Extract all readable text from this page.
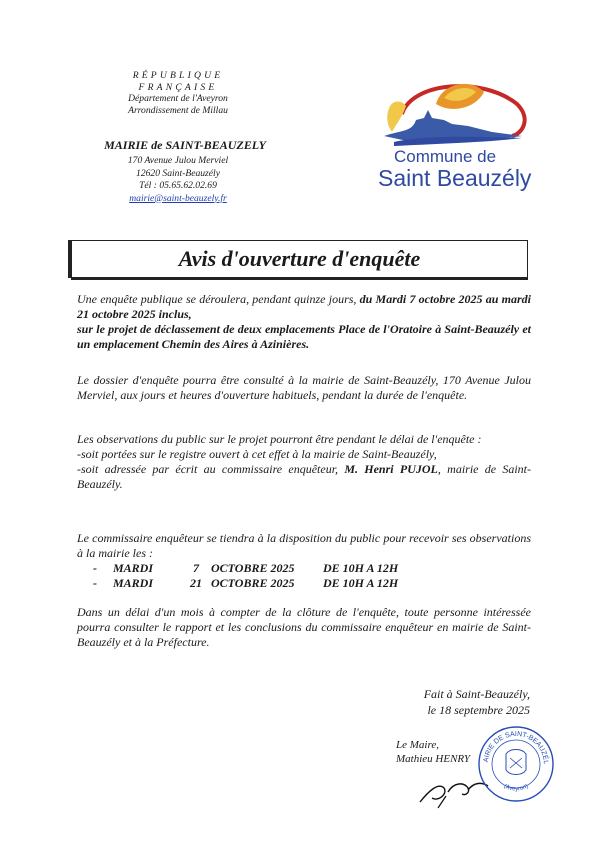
RÉPUBLIQUE
FRANÇAISE
Département de l'Aveyron
Arrondissement de Millau
MAIRIE de SAINT-BEAUZELY
170 Avenue Julou Merviel
12620 Saint-Beauzély
Tél : 05.65.62.02.69
mairie@saint-beauzely.fr
Commune de
Saint Beauzély
Avis d'ouverture d'enquête
Une enquête publique se déroulera, pendant quinze jours, du Mardi 7 octobre 2025 au mardi 21 octobre 2025 inclus,
sur le projet de déclassement de deux emplacements Place de l'Oratoire à Saint-Beauzély et un emplacement Chemin des Aires à Azinières.
Le dossier d'enquête pourra être consulté à la mairie de Saint-Beauzély, 170 Avenue Julou Merviel, aux jours et heures d'ouverture habituels, pendant la durée de l'enquête.
Les observations du public sur le projet pourront être pendant le délai de l'enquête :
-soit portées sur le registre ouvert à cet effet à la mairie de Saint-Beauzély,
-soit adressée par écrit au commissaire enquêteur, M. Henri PUJOL, mairie de Saint-Beauzély.
Le commissaire enquêteur se tiendra à la disposition du public pour recevoir ses observations à la mairie les :
- MARDI	7 OCTOBRE 2025 DE 10H A 12H
- MARDI	21 OCTOBRE 2025 DE 10H A 12H
Dans un délai d'un mois à compter de la clôture de l'enquête, toute personne intéressée pourra consulter le rapport et les conclusions du commissaire enquêteur en mairie de Saint-Beauzély et à la Préfecture.
Fait à Saint-Beauzély,
le 18 septembre 2025
Le Maire,
Mathieu HENRY	AIRIE DE SAINT-BEAUZÉL
(Aveyron)
